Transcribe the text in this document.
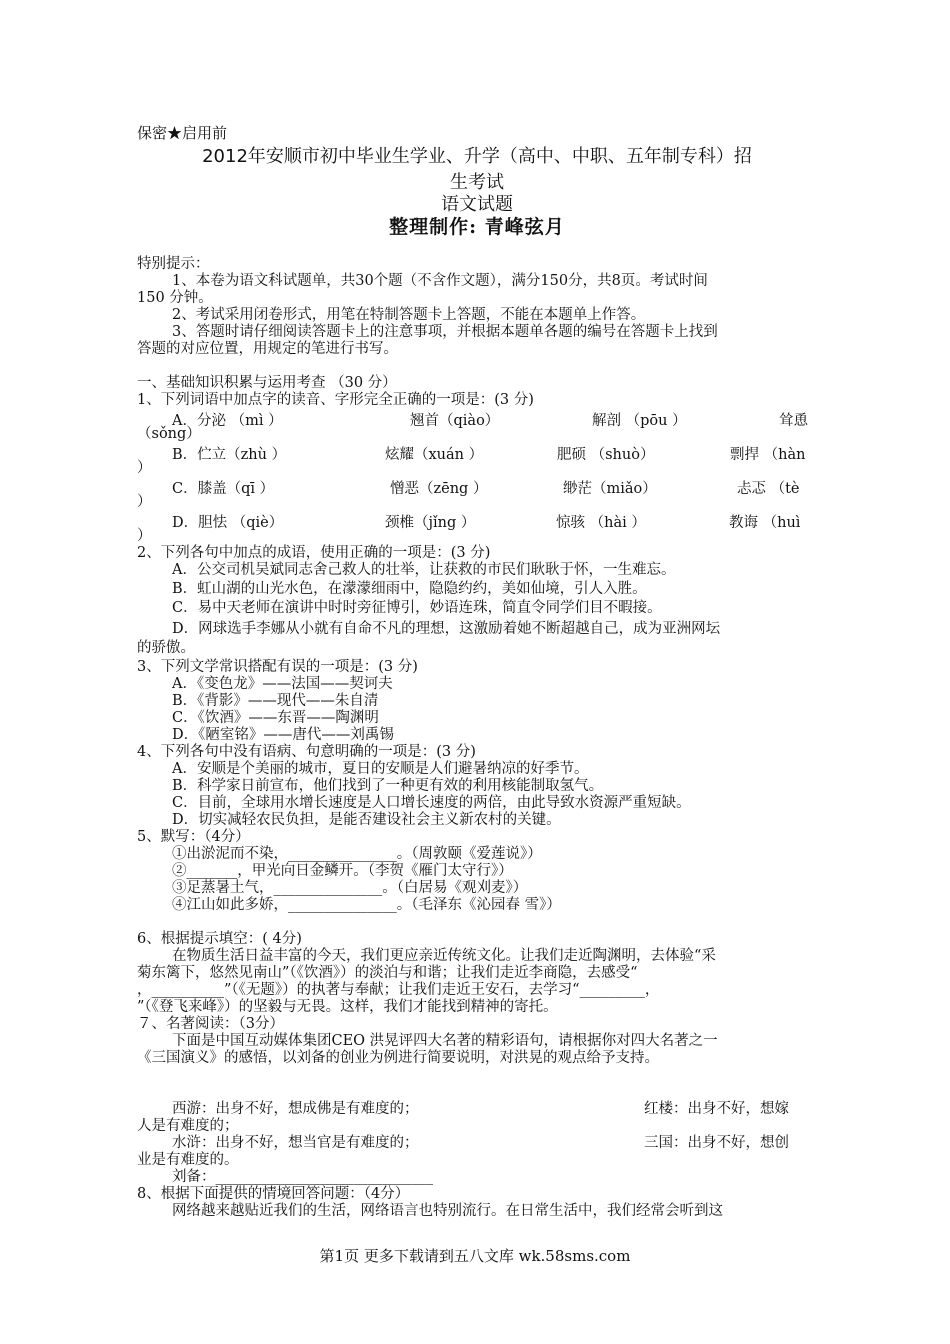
保密★启用前
2012年安顺市初中毕业生学业、升学（高中、中职、五年制专科）招
生考试
语文试题
整理制作: 青峰弦月
特别提示：
1、本卷为语文科试题单，共30个题（不含作文题），满分150分，共8页。考试时间
150 分钟。
2、考试采用闭卷形式，用笔在特制答题卡上答题，不能在本题单上作答。
3、答题时请仔细阅读答题卡上的注意事项，并根据本题单各题的编号在答题卡上找到
答题的对应位置，用规定的笔进行书写。
一、基础知识积累与运用考查 （30 分）
1、下列词语中加点字的读音、字形完全正确的一项是：(3 分)
A．分泌 （mì ）	翘首（qiào）	解剖 （pōu ）	耸恿
（sǒng）
B．伫立（zhù ）	炫耀（xuán ）	肥硕 （shuò）	剽捍 （hàn
）
C．膝盖（qī ）	憎恶（zēng ）	缈茫（miǎo）	忐忑 （tè
）
D．胆怯 （qiè）	颈椎（jǐng ）	惊骇 （hài ）	教诲 （huì
）
2、下列各句中加点的成语，使用正确的一项是：(3 分)
A．公交司机吴斌同志舍己救人的壮举，让获救的市民们耿耿于怀，一生难忘。
B．虹山湖的山光水色，在濛濛细雨中，隐隐约约，美如仙境，引人入胜。
C．易中天老师在演讲中时时旁征博引，妙语连珠，简直令同学们目不暇接。
D．网球选手李娜从小就有自命不凡的理想，这激励着她不断超越自己，成为亚洲网坛
的骄傲。
3、下列文学常识搭配有误的一项是：(3 分)
A．《变色龙》——法国——契诃夫
B．《背影》——现代——朱自清
C．《饮酒》——东晋——陶渊明
D．《陋室铭》——唐代——刘禹锡
4、下列各句中没有语病、句意明确的一项是：(3 分)
A．安顺是个美丽的城市，夏日的安顺是人们避暑纳凉的好季节。
B．科学家日前宣布，他们找到了一种更有效的利用核能制取氢气。
C．目前，全球用水增长速度是人口增长速度的两倍，由此导致水资源严重短缺。
D．切实减轻农民负担，是能否建设社会主义新农村的关键。
5、默写：（4分）
①出淤泥而不染，_______________。（周敦颐《爱莲说》）
②_______，甲光向日金鳞开。（李贺《雁门太守行》）
③足蒸暑土气，_______________。（白居易《观刈麦》）
④江山如此多娇，_______________。（毛泽东《沁园春 雪》）
6、根据提示填空：( 4分)
在物质生活日益丰富的今天，我们更应亲近传统文化。让我们走近陶渊明，去体验“采
菊东篱下，悠然见南山”（《饮酒》）的淡泊与和谐；让我们走近李商隐，去感受“
，__________”（《无题》）的执著与奉献；让我们走近王安石，去学习“_________，
”（《登飞来峰》）的坚毅与无畏。这样，我们才能找到精神的寄托。
７、名著阅读：（3分）
下面是中国互动媒体集团CEO 洪晃评四大名著的精彩语句，请根据你对四大名著之一
《三国演义》的感悟，以刘备的创业为例进行简要说明，对洪晃的观点给予支持。
西游：出身不好，想成佛是有难度的；	红楼：出身不好，想嫁
人是有难度的；
水浒：出身不好，想当官是有难度的；	三国：出身不好，想创
业是有难度的。
刘备：______________________________
8、根据下面提供的情境回答问题：（4分）
网络越来越贴近我们的生活，网络语言也特别流行。在日常生活中，我们经常会听到这
第1页 更多下载请到五八文库 wk.58sms.com
